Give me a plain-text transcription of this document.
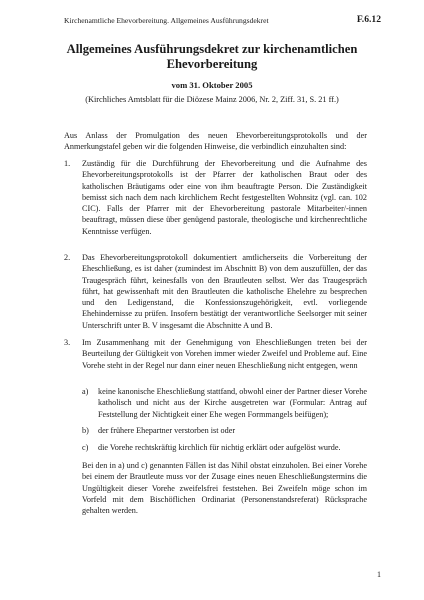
Kirchenamtliche Ehevorbereitung. Allgemeines Ausführungsdekret	F.6.12
Allgemeines Ausführungsdekret zur kirchenamtlichen
Ehevorbereitung
vom 31. Oktober 2005
(Kirchliches Amtsblatt für die Diözese Mainz 2006, Nr. 2, Ziff. 31, S. 21 ff.)
Aus Anlass der Promulgation des neuen Ehevorbereitungsprotokolls und der Anmerkungstafel geben wir die folgenden Hinweise, die verbindlich einzuhalten sind:
1. Zuständig für die Durchführung der Ehevorbereitung und die Aufnahme des Ehevorbereitungsprotokolls ist der Pfarrer der katholischen Braut oder des katholischen Bräutigams oder eine von ihm beauftragte Person. Die Zuständigkeit bemisst sich nach dem nach kirchlichem Recht festgestellten Wohnsitz (vgl. can. 102 CIC). Falls der Pfarrer mit der Ehevorbereitung pastorale Mitarbeiter/-innen beauftragt, müssen diese über genügend pastorale, theologische und kirchenrechtliche Kenntnisse verfügen.
2. Das Ehevorbereitungsprotokoll dokumentiert amtlicherseits die Vorbereitung der Eheschließung, es ist daher (zumindest im Abschnitt B) von dem auszufüllen, der das Traugespräch führt, keinesfalls von den Brautleuten selbst. Wer das Traugespräch führt, hat gewissenhaft mit den Brautleuten die katholische Ehelehre zu besprechen und den Ledigenstand, die Konfessionszugehörigkeit, evtl. vorliegende Ehehindernisse zu prüfen. Insofern bestätigt der verantwortliche Seelsorger mit seiner Unterschrift unter B. V insgesamt die Abschnitte A und B.
3. Im Zusammenhang mit der Genehmigung von Eheschließungen treten bei der Beurteilung der Gültigkeit von Vorehen immer wieder Zweifel und Probleme auf. Eine Vorehe steht in der Regel nur dann einer neuen Eheschließung nicht entgegen, wenn
a) keine kanonische Eheschließung stattfand, obwohl einer der Partner dieser Vorehe katholisch und nicht aus der Kirche ausgetreten war (Formular: Antrag auf Feststellung der Nichtigkeit einer Ehe wegen Formmangels beifügen);
b) der frühere Ehepartner verstorben ist oder
c) die Vorehe rechtskräftig kirchlich für nichtig erklärt oder aufgelöst wurde.
Bei den in a) und c) genannten Fällen ist das Nihil obstat einzuholen. Bei einer Vorehe bei einem der Brautleute muss vor der Zusage eines neuen Eheschließungstermins die Ungültigkeit dieser Vorehe zweifelsfrei feststehen. Bei Zweifeln möge schon im Vorfeld mit dem Bischöflichen Ordinariat (Personenstandsreferat) Rücksprache gehalten werden.
1
